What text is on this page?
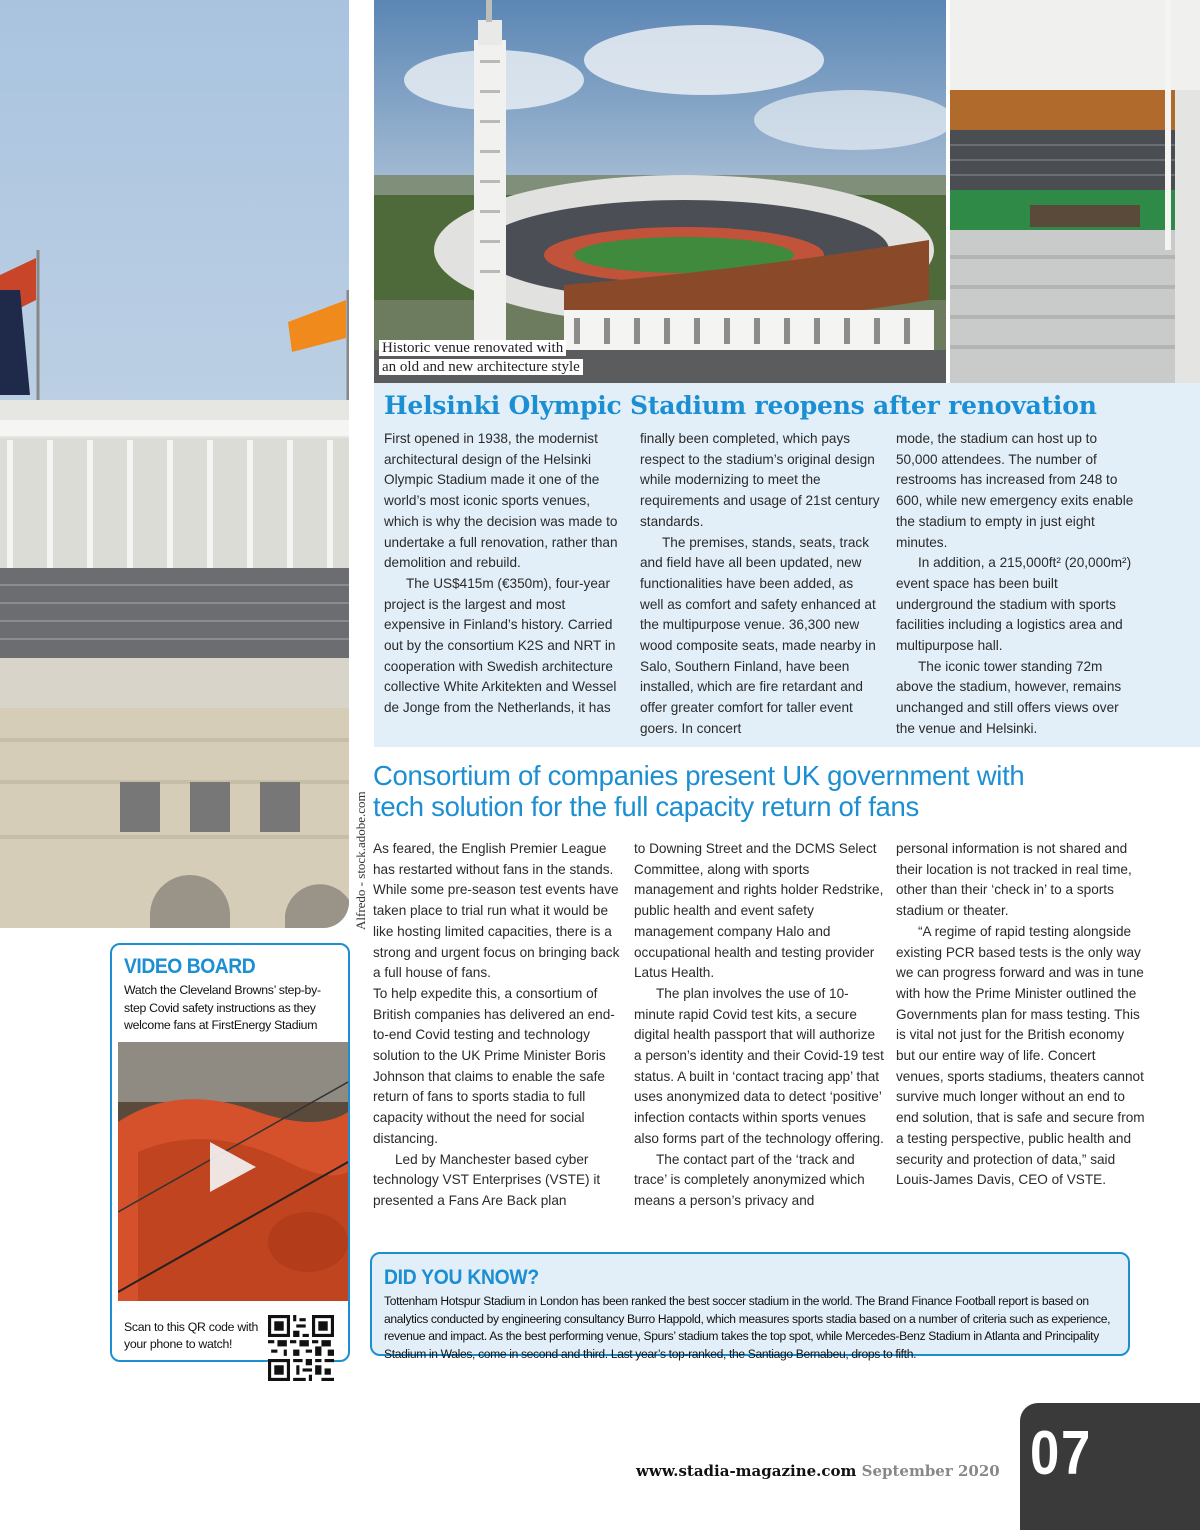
Historic venue renovated with
an old and new architecture style
Helsinki Olympic Stadium reopens after renovation

First opened in 1938, the modernist architectural design of the Helsinki Olympic Stadium made it one of the world’s most iconic sports venues, which is why the decision was made to undertake a full renovation, rather than demolition and rebuild.

The US$415m (€350m), four-year project is the largest and most expensive in Finland’s history. Carried out by the consortium K2S and NRT in cooperation with Swedish architecture collective White Arkitekten and Wessel de Jonge from the Netherlands, it has

finally been completed, which pays respect to the stadium’s original design while modernizing to meet the requirements and usage of 21st century standards.

The premises, stands, seats, track and field have all been updated, new functionalities have been added, as well as comfort and safety enhanced at the multipurpose venue. 36,300 new wood composite seats, made nearby in Salo, Southern Finland, have been installed, which are fire retardant and offer greater comfort for taller event goers. In concert

mode, the stadium can host up to 50,000 attendees. The number of restrooms has increased from 248 to 600, while new emergency exits enable the stadium to empty in just eight minutes.

In addition, a 215,000ft² (20,000m²) event space has been built underground the stadium with sports facilities including a logistics area and multipurpose hall.

The iconic tower standing 72m above the stadium, however, remains unchanged and still offers views over the venue and Helsinki.

Alfredo - stock.adobe.com
Consortium of companies present UK government with
tech solution for the full capacity return of fans

As feared, the English Premier League has restarted without fans in the stands. While some pre-season test events have taken place to trial run what it would be like hosting limited capacities, there is a strong and urgent focus on bringing back a full house of fans.

To help expedite this, a consortium of British companies has delivered an end-to-end Covid testing and technology solution to the UK Prime Minister Boris Johnson that claims to enable the safe return of fans to sports stadia to full capacity without the need for social distancing.

Led by Manchester based cyber technology VST Enterprises (VSTE) it presented a Fans Are Back plan

to Downing Street and the DCMS Select Committee, along with sports management and rights holder Redstrike, public health and event safety management company Halo and occupational health and testing provider Latus Health.

The plan involves the use of 10-minute rapid Covid test kits, a secure digital health passport that will authorize a person’s identity and their Covid-19 test status. A built in ‘contact tracing app’ that uses anonymized data to detect ‘positive’ infection contacts within sports venues also forms part of the technology offering.

The contact part of the ‘track and trace’ is completely anonymized which means a person’s privacy and

personal information is not shared and their location is not tracked in real time, other than their ‘check in’ to a sports stadium or theater.

“A regime of rapid testing alongside existing PCR based tests is the only way we can progress forward and was in tune with how the Prime Minister outlined the Governments plan for mass testing. This is vital not just for the British economy but our entire way of life. Concert venues, sports stadiums, theaters cannot survive much longer without an end to end solution, that is safe and secure from a testing perspective, public health and security and protection of data,” said Louis-James Davis, CEO of VSTE.

VIDEO BOARD
Watch the Cleveland Browns’ step-by-step Covid safety instructions as they welcome fans at FirstEnergy Stadium
Scan to this QR code with your phone to watch!
DID YOU KNOW?
Tottenham Hotspur Stadium in London has been ranked the best soccer stadium in the world. The Brand Finance Football report is based on analytics conducted by engineering consultancy Burro Happold, which measures sports stadia based on a number of criteria such as experience, revenue and impact. As the best performing venue, Spurs’ stadium takes the top spot, while Mercedes-Benz Stadium in Atlanta and Principality Stadium in Wales, come in second and third. Last year’s top-ranked, the Santiago Bernabeu, drops to fifth.
www.stadia-magazine.com September 2020 07
